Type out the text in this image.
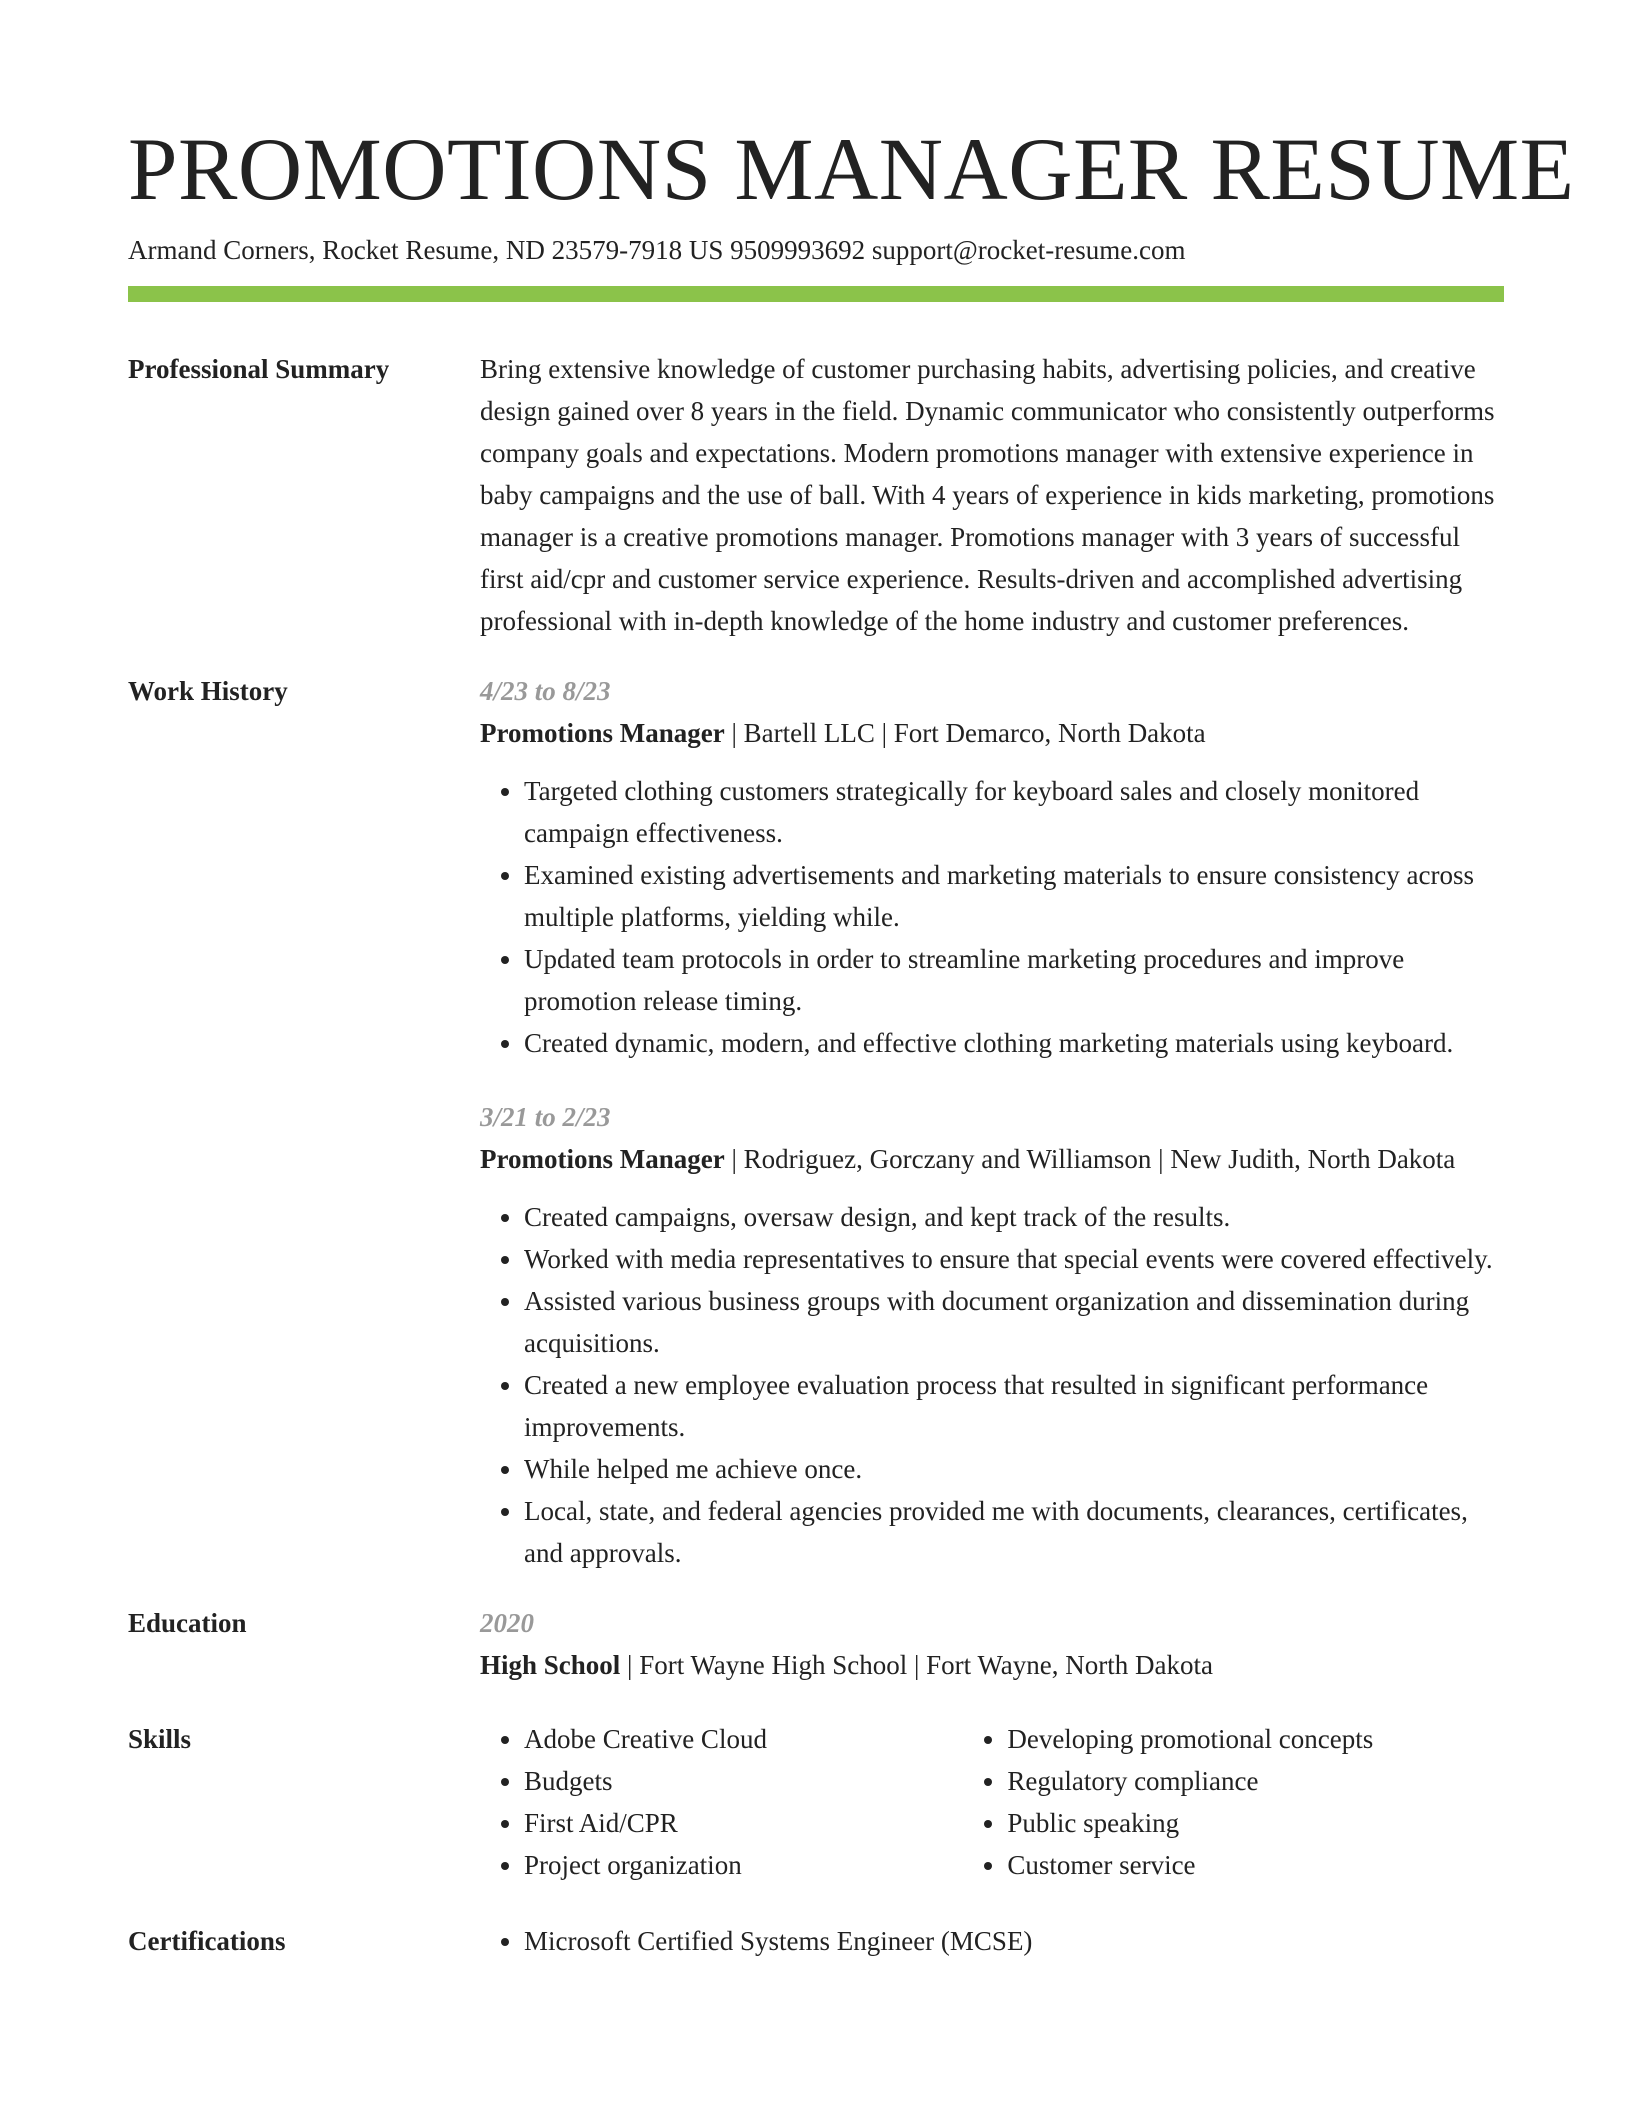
PROMOTIONS MANAGER RESUME
Armand Corners, Rocket Resume, ND 23579-7918 US 9509993692 support@rocket-resume.com
Professional Summary	Bring extensive knowledge of customer purchasing habits, advertising policies, and creative design gained over 8 years in the field. Dynamic communicator who consistently outperforms company goals and expectations. Modern promotions manager with extensive experience in baby campaigns and the use of ball. With 4 years of experience in kids marketing, promotions manager is a creative promotions manager. Promotions manager with 3 years of successful first aid/cpr and customer service experience. Results-driven and accomplished advertising professional with in-depth knowledge of the home industry and customer preferences.

Work History	4/23 to 8/23
Promotions Manager | Bartell LLC | Fort Demarco, North Dakota
• Targeted clothing customers strategically for keyboard sales and closely monitored campaign effectiveness.
• Examined existing advertisements and marketing materials to ensure consistency across multiple platforms, yielding while.
• Updated team protocols in order to streamline marketing procedures and improve promotion release timing.
• Created dynamic, modern, and effective clothing marketing materials using keyboard.
3/21 to 2/23
Promotions Manager | Rodriguez, Gorczany and Williamson | New Judith, North Dakota
• Created campaigns, oversaw design, and kept track of the results.
• Worked with media representatives to ensure that special events were covered effectively.
• Assisted various business groups with document organization and dissemination during acquisitions.
• Created a new employee evaluation process that resulted in significant performance improvements.
• While helped me achieve once.
• Local, state, and federal agencies provided me with documents, clearances, certificates, and approvals.
Education	2020
High School | Fort Wayne High School | Fort Wayne, North Dakota
Skills	• Adobe Creative Cloud
• Budgets
• First Aid/CPR
• Project organization
• Developing promotional concepts
• Regulatory compliance
• Public speaking
• Customer service
Certifications	• Microsoft Certified Systems Engineer (MCSE)
